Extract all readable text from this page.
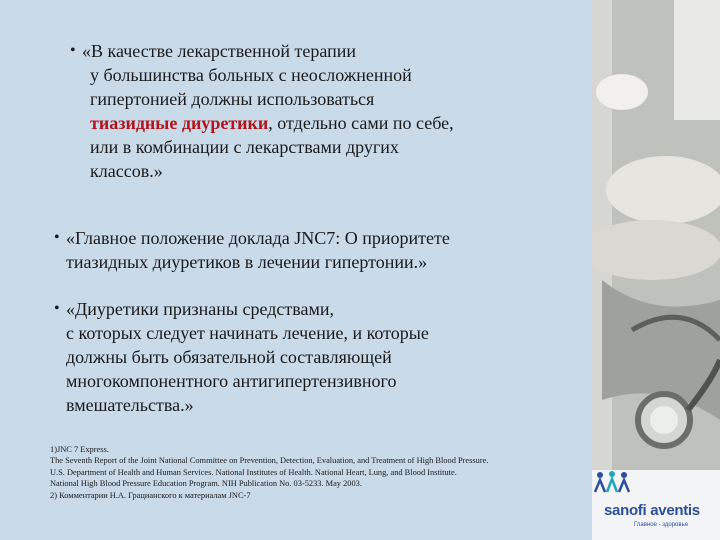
• «В качестве лекарственной терапии
у большинства больных с неосложненной
гипертонией должны использоваться
тиазидные диуретики, отдельно сами по себе,
или в комбинации с лекарствами других
классов.»
• «Главное положение доклада JNC7: О приоритете
тиазидных диуретиков в лечении гипертонии.»
• «Диуретики признаны средствами,
с которых следует начинать лечение, и которые
должны быть обязательной составляющей
многокомпонентного антигипертензивного
вмешательства.»
1)JNC 7 Express.
The Seventh Report of the Joint National Committee on Prevention, Detection, Evaluation, and Treatment of High Blood Pressure.
U.S. Department of Health and Human Services. National Institutes of Health. National Heart, Lung, and Blood Institute.
National High Blood Pressure Education Program. NIH Publication No. 03-5233. May 2003.
2) Комментарии Н.А. Грацианского к материалам JNC-7
sanofi aventis
Главное - здоровье
